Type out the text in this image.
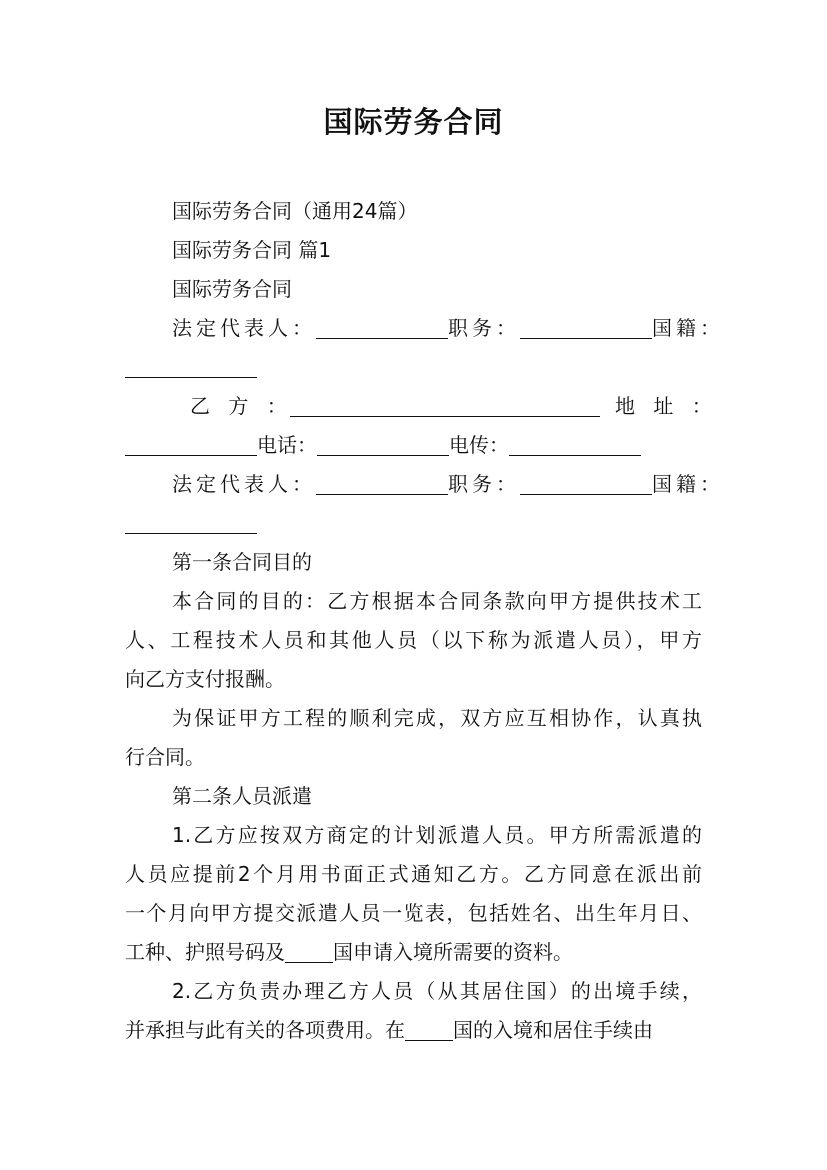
国际劳务合同
国际劳务合同（通用24篇）
国际劳务合同 篇1
国际劳务合同
法定代表人：	职务：	国籍：
乙 方 ：	地 址 ：
电话：	电传：
法定代表人：	职务：	国籍：
第一条合同目的
本合同的目的：乙方根据本合同条款向甲方提供技术工
人、工程技术人员和其他人员（以下称为派遣人员），甲方
向乙方支付报酬。
为保证甲方工程的顺利完成，双方应互相协作，认真执
行合同。
第二条人员派遣
1.乙方应按双方商定的计划派遣人员。甲方所需派遣的
人员应提前2个月用书面正式通知乙方。乙方同意在派出前
一个月向甲方提交派遣人员一览表，包括姓名、出生年月日、
工种、护照号码及 国申请入境所需要的资料。
2.乙方负责办理乙方人员（从其居住国）的出境手续，
并承担与此有关的各项费用。在 国的入境和居住手续由
